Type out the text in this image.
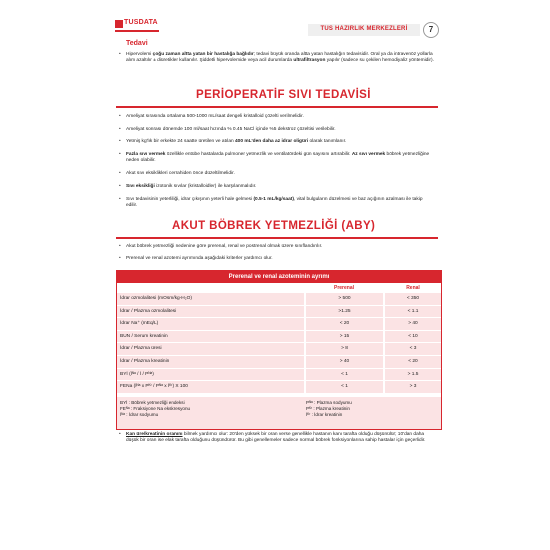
TUSDATA
TUS HAZIRLIK MERKEZLERİ	7
Tedavi
• Hipervolemi çoğu zaman altta yatan bir hastalığa bağlıdır; tedavi büyük oranda altta yatan hastalığın tedavisidir. Oral ya da intravenöz yollarla alım azaltılır ± diüretikler kullanılır. Şiddetli hipervolemide veya acil durumlarda ultrafiltrasyon yapılır (sadece su çekilen hemodiyaliz yöntemidir).
PERİOPERATİF SIVI TEDAVİSİ
• Ameliyat sırasında ortalama 500-1000 mL/saat dengeli kristalloid çözelti verilmelidir.
• Ameliyat sonrası dönemde 100 ml/saat hızında % 0.45 NaCl içinde %5 dekstroz çözeltisi verilebilir.
• Yetmiş kg'lık bir erkekte 24 saatte üretilen ve atılan 400 mL'den daha az idrar oligüri olarak tanımlanır.
• Fazla sıvı vermek özellikle entübe hastalarda pulmoner yetmezlik ve ventilatördeki gün sayısını artırabilir. Az sıvı vermek böbrek yetmezliğine neden olabilir.
• Akut sıvı eksiklikleri cerrahiden önce düzeltilmelidir.
• Sıvı eksikliği izotonik sıvılar (kristalloidler) ile karşılanmalıdır.
• Sıvı tedavisinin yeterliliği, idrar çıkışının yeterli hale gelmesi (0.5-1 mL/kg/saat), vital bulguların düzelmesi ve baz açığının azalması ile takip edilir.
AKUT BÖBREK YETMEZLİĞİ (ABY)
• Akut böbrek yetmezliği nedenine göre prerenal, renal ve postrenal olmak üzere sınıflandırılır.
• Prerenal ve renal azotemi ayrımında aşağıdaki kriterler yardımcı olur.
Prerenal ve renal azoteminin ayrımı
Prerenal	Renal
İdrar ozmolalitesi (mOsm/kg-H₂O)	> 500	< 350
İdrar / Plazma ozmolalitesi	>1.25	< 1.1
İdrar Na⁺ (mEq/L)	< 20	> 40
BUN / Serum kreatinin	> 15	< 10
İdrar / Plazma üresi	> 8	< 3
İdrar / Plazma kreatinin	> 40	< 20
BYİ (İᴺᵃ / İ / Pᴺᵃ)	< 1	> 1.5
FENa (İᴺᵃ x Pᴷʳ / Pᴺᵃ x İᴷʳ) X 100	< 1	> 3
BYİ : Böbrek yetmezliği endeksi
FEᴺᵃ : Fraksiyone Na ekskresyonu
İᴺᵃ : İdrar sodyumu
Pᴺᵃ : Plazma sodyumu
Pᴷʳ : Plazma kreatinin
İᴷʳ : İdrar kreatinin
• Kan üre/kreatinin oranını bilmek yardımcı olur: 20'den yüksek bir oran verse genellikle hastanın kanı tarafta olduğu düşünülür; 10'dan daha düşük bir oran ise elak tarafta olduğunu düşündürür. Bu gibi genellemeler sadece normal böbrek fonksiyonlarına sahip hastalar için geçerlidir.
